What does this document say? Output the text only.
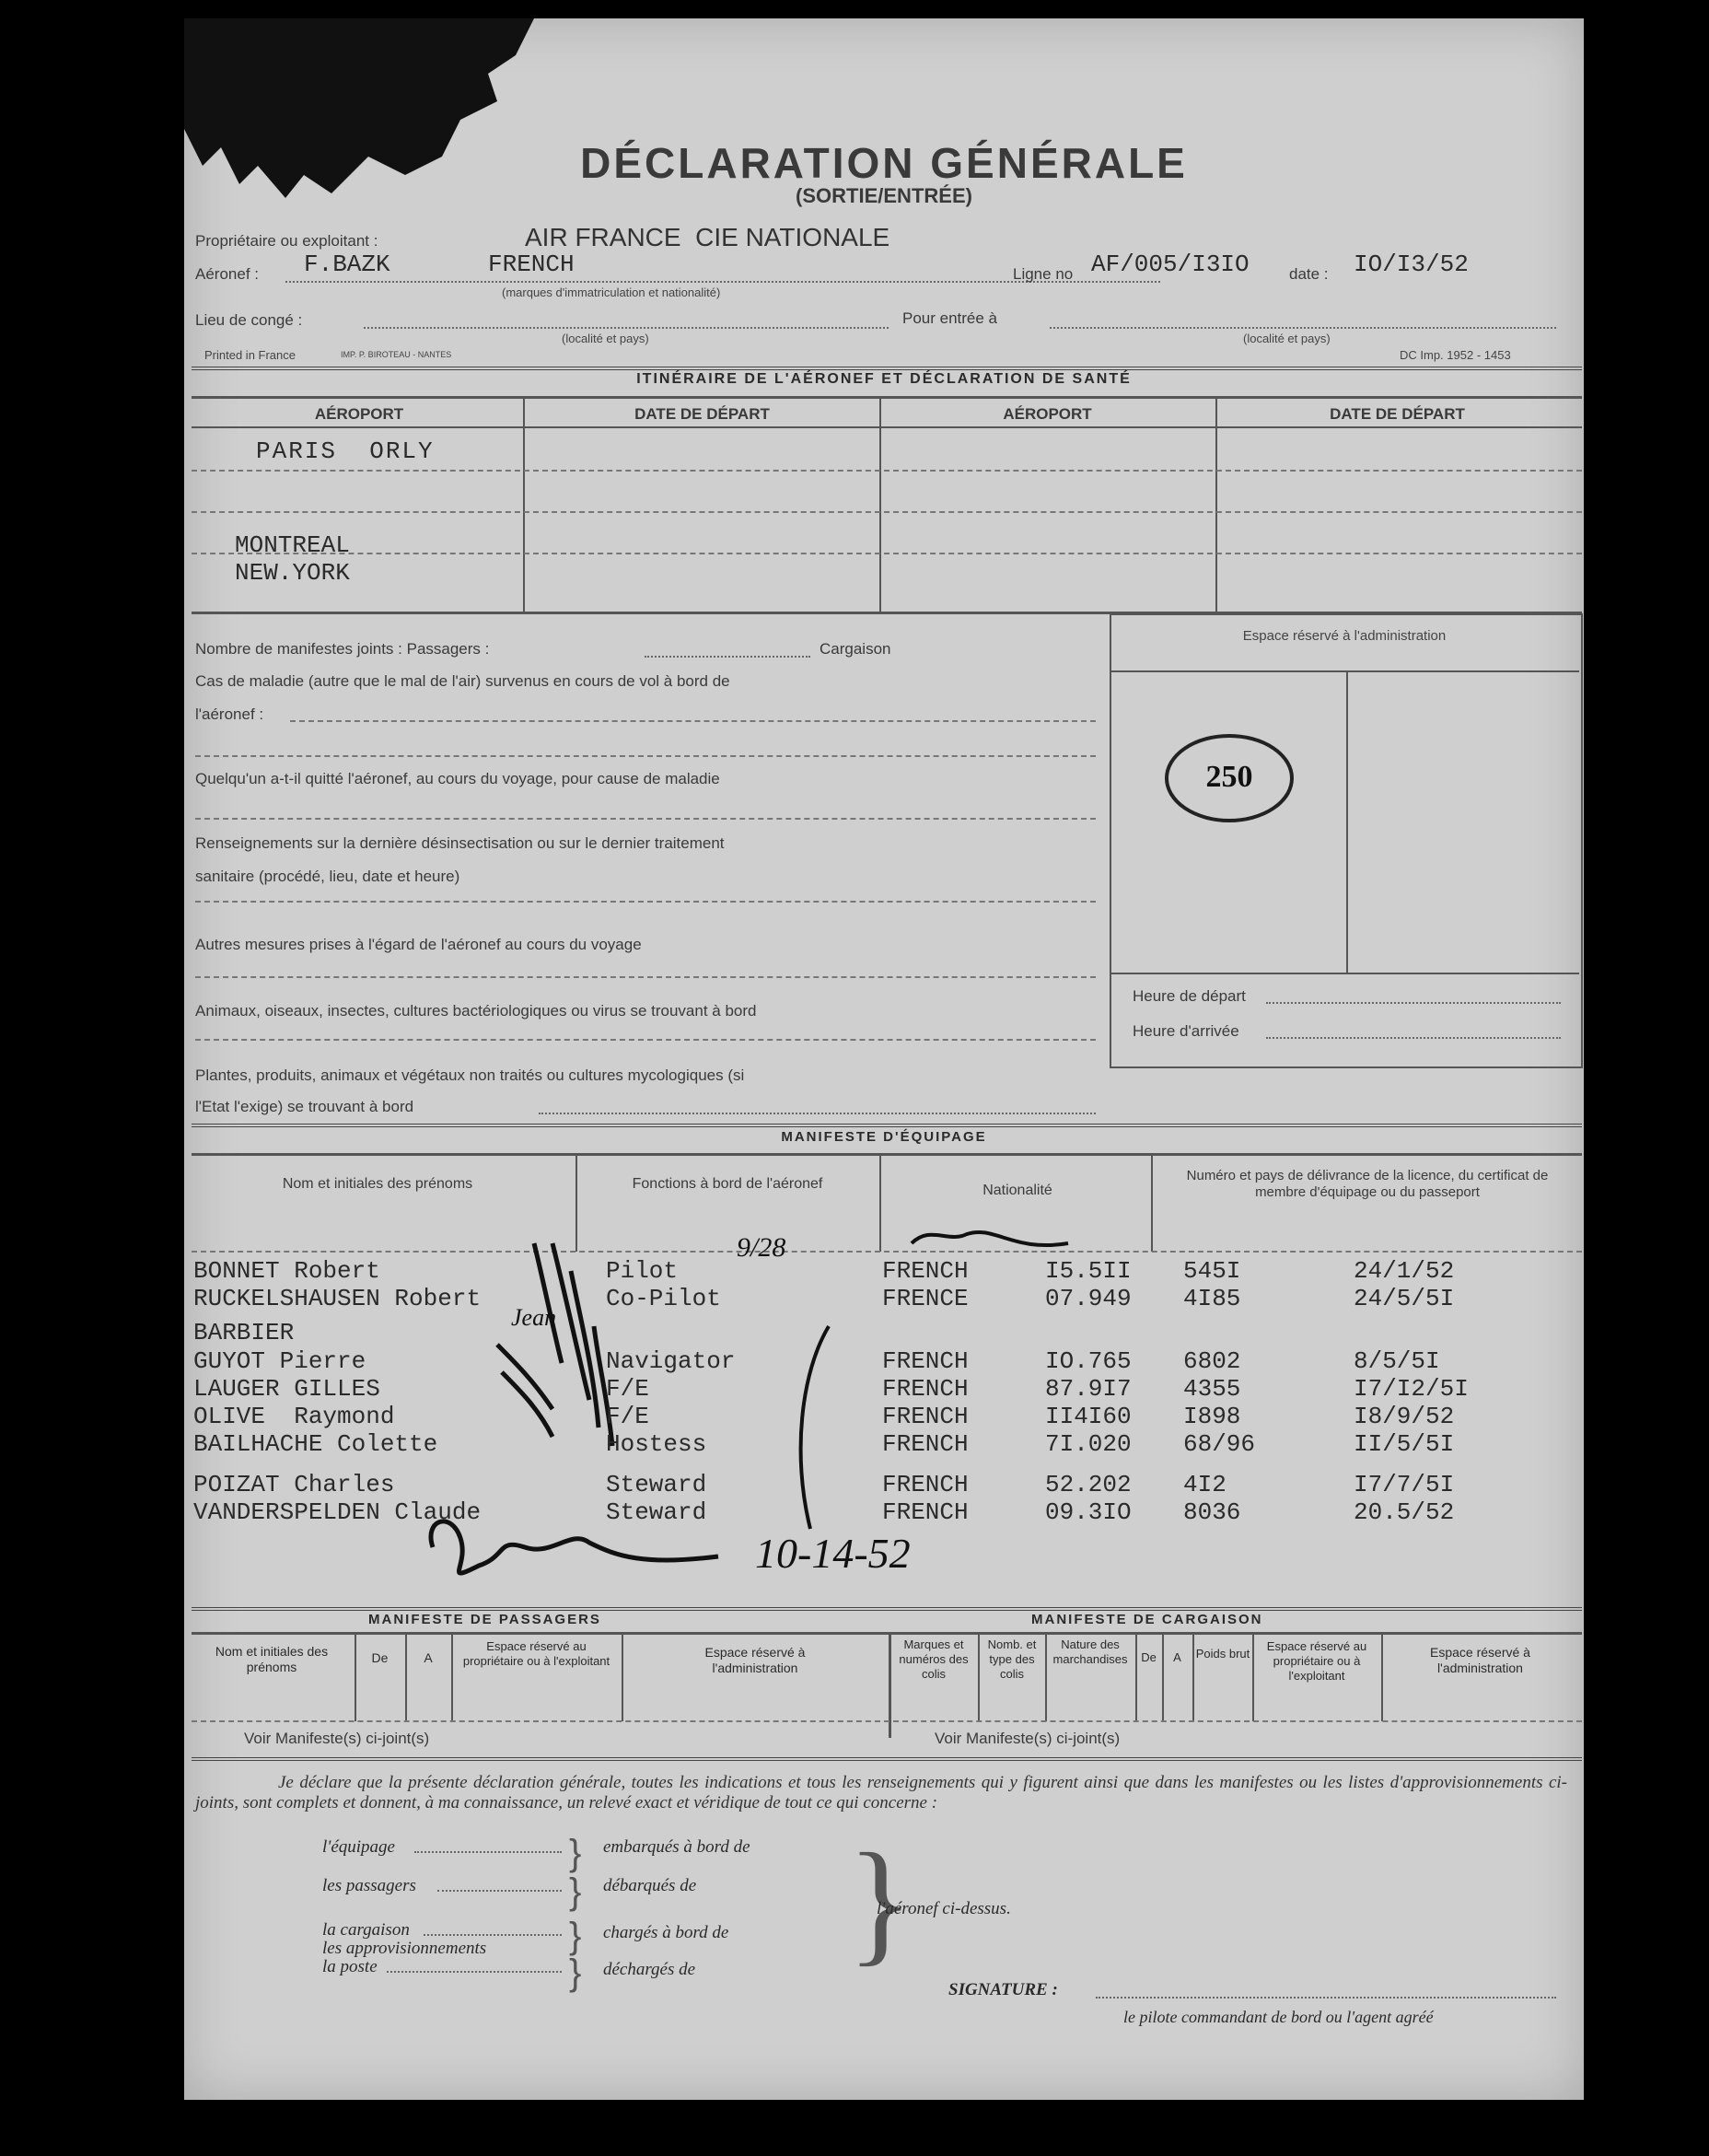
DÉCLARATION GÉNÉRALE
(SORTIE/ENTRÉE)
Propriétaire ou exploitant :	AIR FRANCE  CIE NATIONALE
Aéronef : F.BAZK	FRENCH
(marques d'immatriculation et nationalité)
Ligne no AF/005/I3IO	date : IO/I3/52
Lieu de congé :
(localité et pays)
Pour entrée à
(localité et pays)
Printed in France	IMP. P. BIROTEAU - NANTES	DC Imp. 1952 - 1453
ITINÉRAIRE DE L'AÉRONEF ET DÉCLARATION DE SANTÉ
AÉROPORT	DATE DE DÉPART	AÉROPORT	DATE DE DÉPART
PARIS  ORLY
MONTREAL
NEW.YORK
Nombre de manifestes joints : Passagers :	Cargaison
Cas de maladie (autre que le mal de l'air) survenus en cours de vol à bord de
l'aéronef :
Quelqu'un a-t-il quitté l'aéronef, au cours du voyage, pour cause de maladie
Renseignements sur la dernière désinsectisation ou sur le dernier traitement
sanitaire (procédé, lieu, date et heure)
Autres mesures prises à l'égard de l'aéronef au cours du voyage
Animaux, oiseaux, insectes, cultures bactériologiques ou virus se trouvant à bord
Plantes, produits, animaux et végétaux non traités ou cultures mycologiques (si
l'Etat l'exige) se trouvant à bord
Espace réservé à l'administration
250
Heure de départ
Heure d'arrivée
MANIFESTE D'ÉQUIPAGE
Nom et initiales des prénoms	Fonctions à bord de l'aéronef	Nationalité
Numéro et pays de délivrance de la licence, du certificat de membre d'équipage ou du passeport
Jean
9/28
10-14-52
MANIFESTE DE PASSAGERS	MANIFESTE DE CARGAISON
Nom et initiales des prénoms
De	A
Espace réservé au propriétaire ou à l'exploitant
Espace réservé à l'administration
Marques et numéros des colis
Nomb. et type des colis
Nature des marchandises	De	A	Poids brut
Espace réservé au propriétaire ou à l'exploitant
Espace réservé à l'administration
Voir Manifeste(s) ci-joint(s)	Voir Manifeste(s) ci-joint(s)
Je déclare que la présente déclaration générale, toutes les indications et tous les renseignements qui y figurent ainsi que dans les manifestes ou les listes d'approvisionnements ci-joints, sont complets et donnent, à ma connaissance, un relevé exact et véridique de tout ce qui concerne :
l'équipage
les passagers
la cargaison
les approvisionnements
la poste
}
}
}
}
embarqués à bord de
débarqués de
chargés à bord de
déchargés de }
l'aéronef ci-dessus.
SIGNATURE :
le pilote commandant de bord ou l'agent agréé
BONNET Robert	Pilot	FRENCH	I5.5II 545I	24/1/52
RUCKELSHAUSEN Robert	Co-Pilot	FRENCE	07.949 4I85	24/5/5I
BARBIER
GUYOT Pierre	Navigator	FRENCH	IO.765 6802	8/5/5I
LAUGER GILLES	F/E	FRENCH	87.9I7 4355	I7/I2/5I
OLIVE  Raymond	F/E	FRENCH	II4I60 I898	I8/9/52
BAILHACHE Colette	Hostess	FRENCH	7I.020 68/96	II/5/5I
POIZAT Charles	Steward	FRENCH	52.202 4I2	I7/7/5I
VANDERSPELDEN Claude	Steward	FRENCH	09.3IO 8036	20.5/52
